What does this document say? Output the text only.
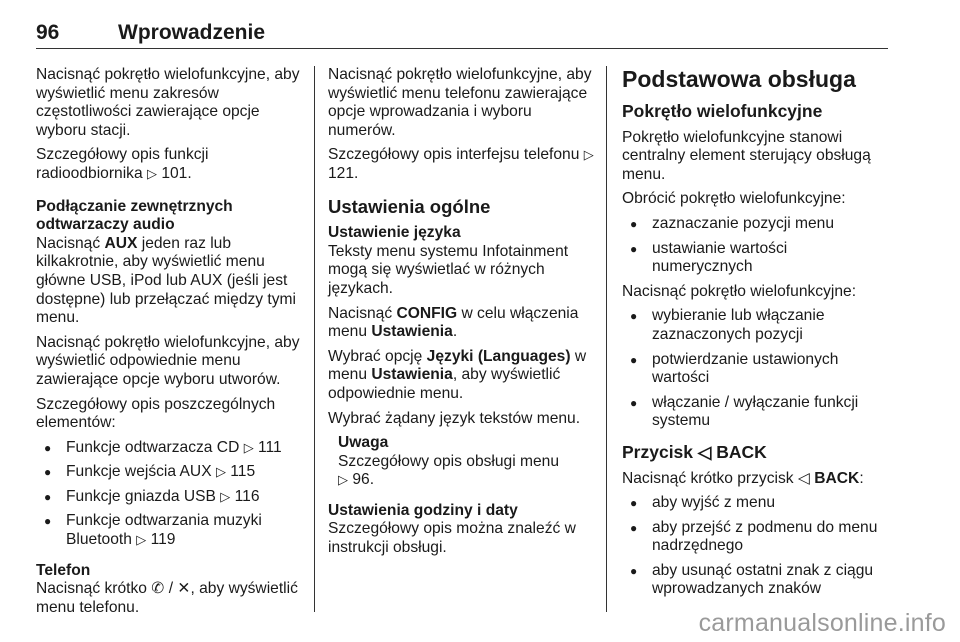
96	Wprowadzenie

Nacisnąć pokrętło wielofunkcyjne, aby wyświetlić menu zakresów częstotliwości zawierające opcje wyboru stacji.

Szczegółowy opis funkcji radioodbiornika ▷ 101.

Podłączanie zewnętrznych odtwarzaczy audio

Nacisnąć AUX jeden raz lub kilkakrotnie, aby wyświetlić menu główne USB, iPod lub AUX (jeśli jest dostępne) lub przełączać między tymi menu.

Nacisnąć pokrętło wielofunkcyjne, aby wyświetlić odpowiednie menu zawierające opcje wyboru utworów.

Szczegółowy opis poszczególnych elementów:

● Funkcje odtwarzacza CD ▷ 111
● Funkcje wejścia AUX ▷ 115
● Funkcje gniazda USB ▷ 116
● Funkcje odtwarzania muzyki Bluetooth ▷ 119
Telefon

Nacisnąć krótko ✆ / ✕, aby wyświetlić menu telefonu.

Nacisnąć pokrętło wielofunkcyjne, aby wyświetlić menu telefonu zawierające opcje wprowadzania i wyboru numerów.

Szczegółowy opis interfejsu telefonu ▷ 121.

Ustawienia ogólne
Ustawienie języka

Teksty menu systemu Infotainment mogą się wyświetlać w różnych językach.

Nacisnąć CONFIG w celu włączenia menu Ustawienia.

Wybrać opcję Języki (Languages) w menu Ustawienia, aby wyświetlić odpowiednie menu.

Wybrać żądany język tekstów menu.

Uwaga
Szczegółowy opis obsługi menu
▷ 96.
Ustawienia godziny i daty

Szczegółowy opis można znaleźć w instrukcji obsługi.

Podstawowa obsługa
Pokrętło wielofunkcyjne

Pokrętło wielofunkcyjne stanowi centralny element sterujący obsługą menu.

Obrócić pokrętło wielofunkcyjne:

● zaznaczanie pozycji menu
● ustawianie wartości numerycznych

Nacisnąć pokrętło wielofunkcyjne:

● wybieranie lub włączanie zaznaczonych pozycji
● potwierdzanie ustawionych wartości
● włączanie / wyłączanie funkcji systemu
Przycisk ◁ BACK

Nacisnąć krótko przycisk ◁ BACK:

● aby wyjść z menu
● aby przejść z podmenu do menu nadrzędnego
● aby usunąć ostatni znak z ciągu wprowadzanych znaków
carmanualsonline.info
